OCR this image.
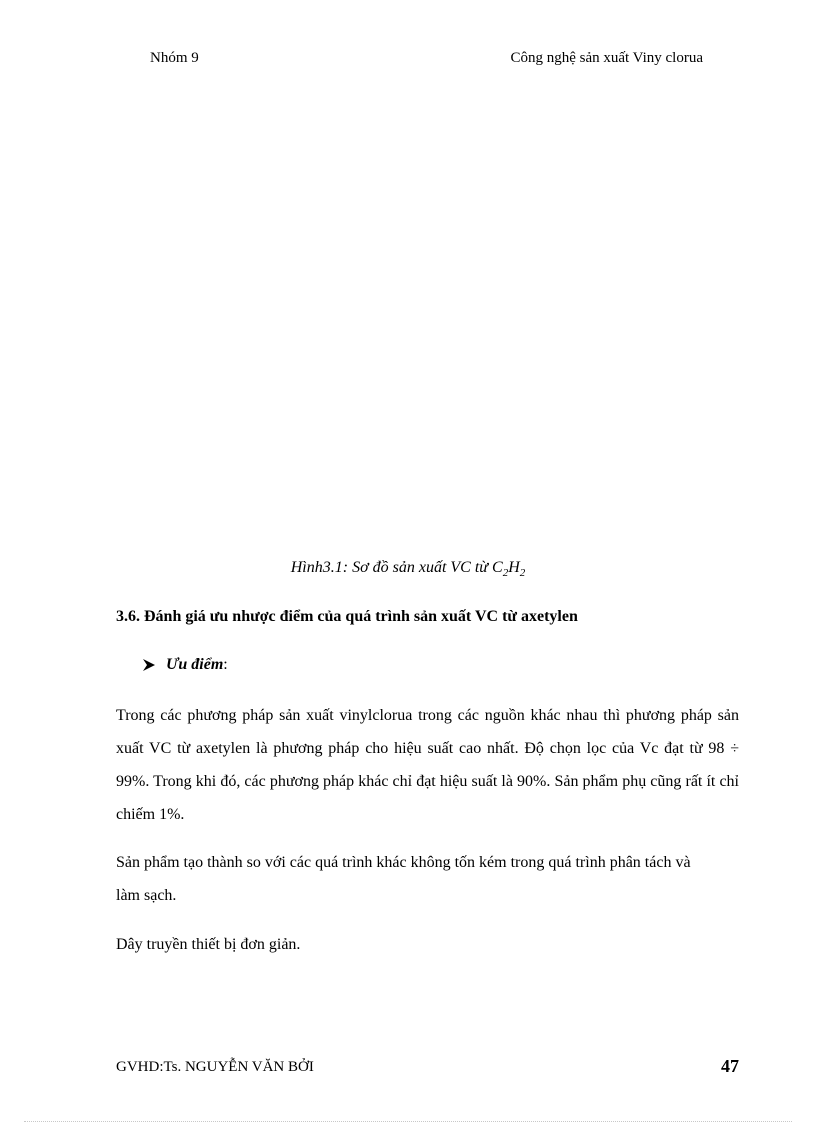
Nhóm 9	Công nghệ sản xuất Viny clorua
Hình3.1: Sơ đồ sản xuất VC từ $C_2H_2$
3.6. Đánh giá ưu nhược điểm của quá trình sản xuất VC từ axetylen
Ưu điểm :
Trong các phương pháp sản xuất vinylclorua trong các nguồn khác nhau thì phương pháp sản xuất VC từ axetylen là phương pháp cho hiệu suất cao nhất. Độ chọn lọc của Vc đạt từ 98 ÷ 99%. Trong khi đó, các phương pháp khác chỉ đạt hiệu suất là 90%. Sản phẩm phụ cũng rất ít chỉ chiếm 1%.
Sản phẩm tạo thành so với các quá trình khác không tốn kém trong quá trình phân tách và làm sạch.
Dây truyền thiết bị đơn giản.
GVHD:Ts. NGUYỄN VĂN BỞI	47
